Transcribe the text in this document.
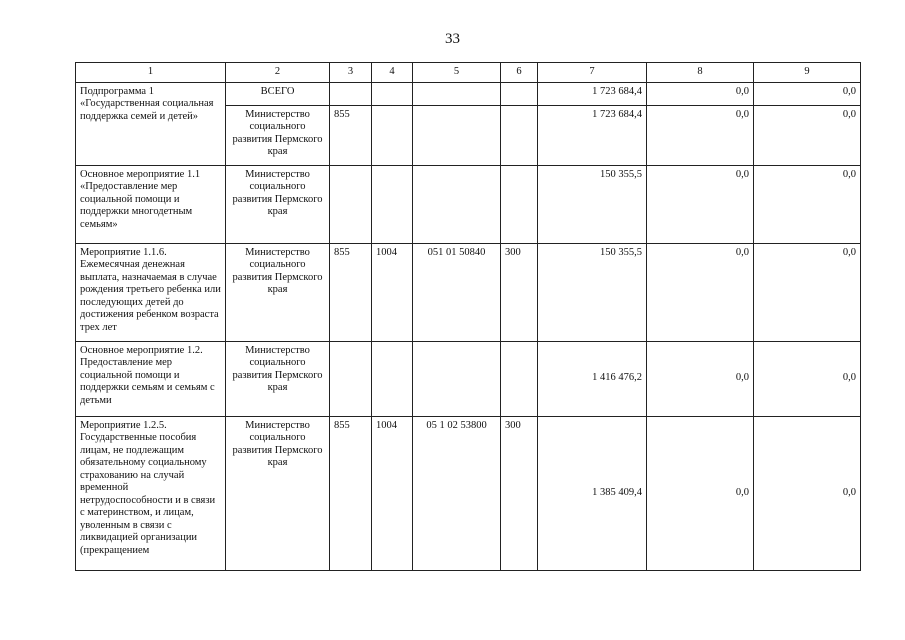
33
1	2	3	4	5	6	7	8	9
Подпрограмма 1 «Государственная социальная поддержка семей и детей»	ВСЕГО					1 723 684,4	0,0	0,0
	Министерство социального развития Пермского края	855				1 723 684,4	0,0	0,0
Основное мероприятие 1.1 «Предоставление мер социальной помощи и поддержки многодетным семьям»	Министерство социального развития Пермского края					150 355,5	0,0	0,0
Мероприятие 1.1.6. Ежемесячная денежная выплата, назначаемая в случае рождения третьего ребенка или последующих детей до достижения ребенком возраста трех лет	Министерство социального развития Пермского края	855	1004	051 01 50840	300	150 355,5	0,0	0,0
Основное мероприятие 1.2. Предоставление мер социальной помощи и поддержки семьям и семьям с детьми	Министерство социального развития Пермского края					1 416 476,2	0,0	0,0
Мероприятие 1.2.5. Государственные пособия лицам, не подлежащим обязательному социальному страхованию на случай временной нетрудоспособности и в связи с материнством, и лицам, уволенным в связи с ликвидацией организации (прекращением	Министерство социального развития Пермского края	855	1004	05 1 02 53800	300	1 385 409,4	0,0	0,0
